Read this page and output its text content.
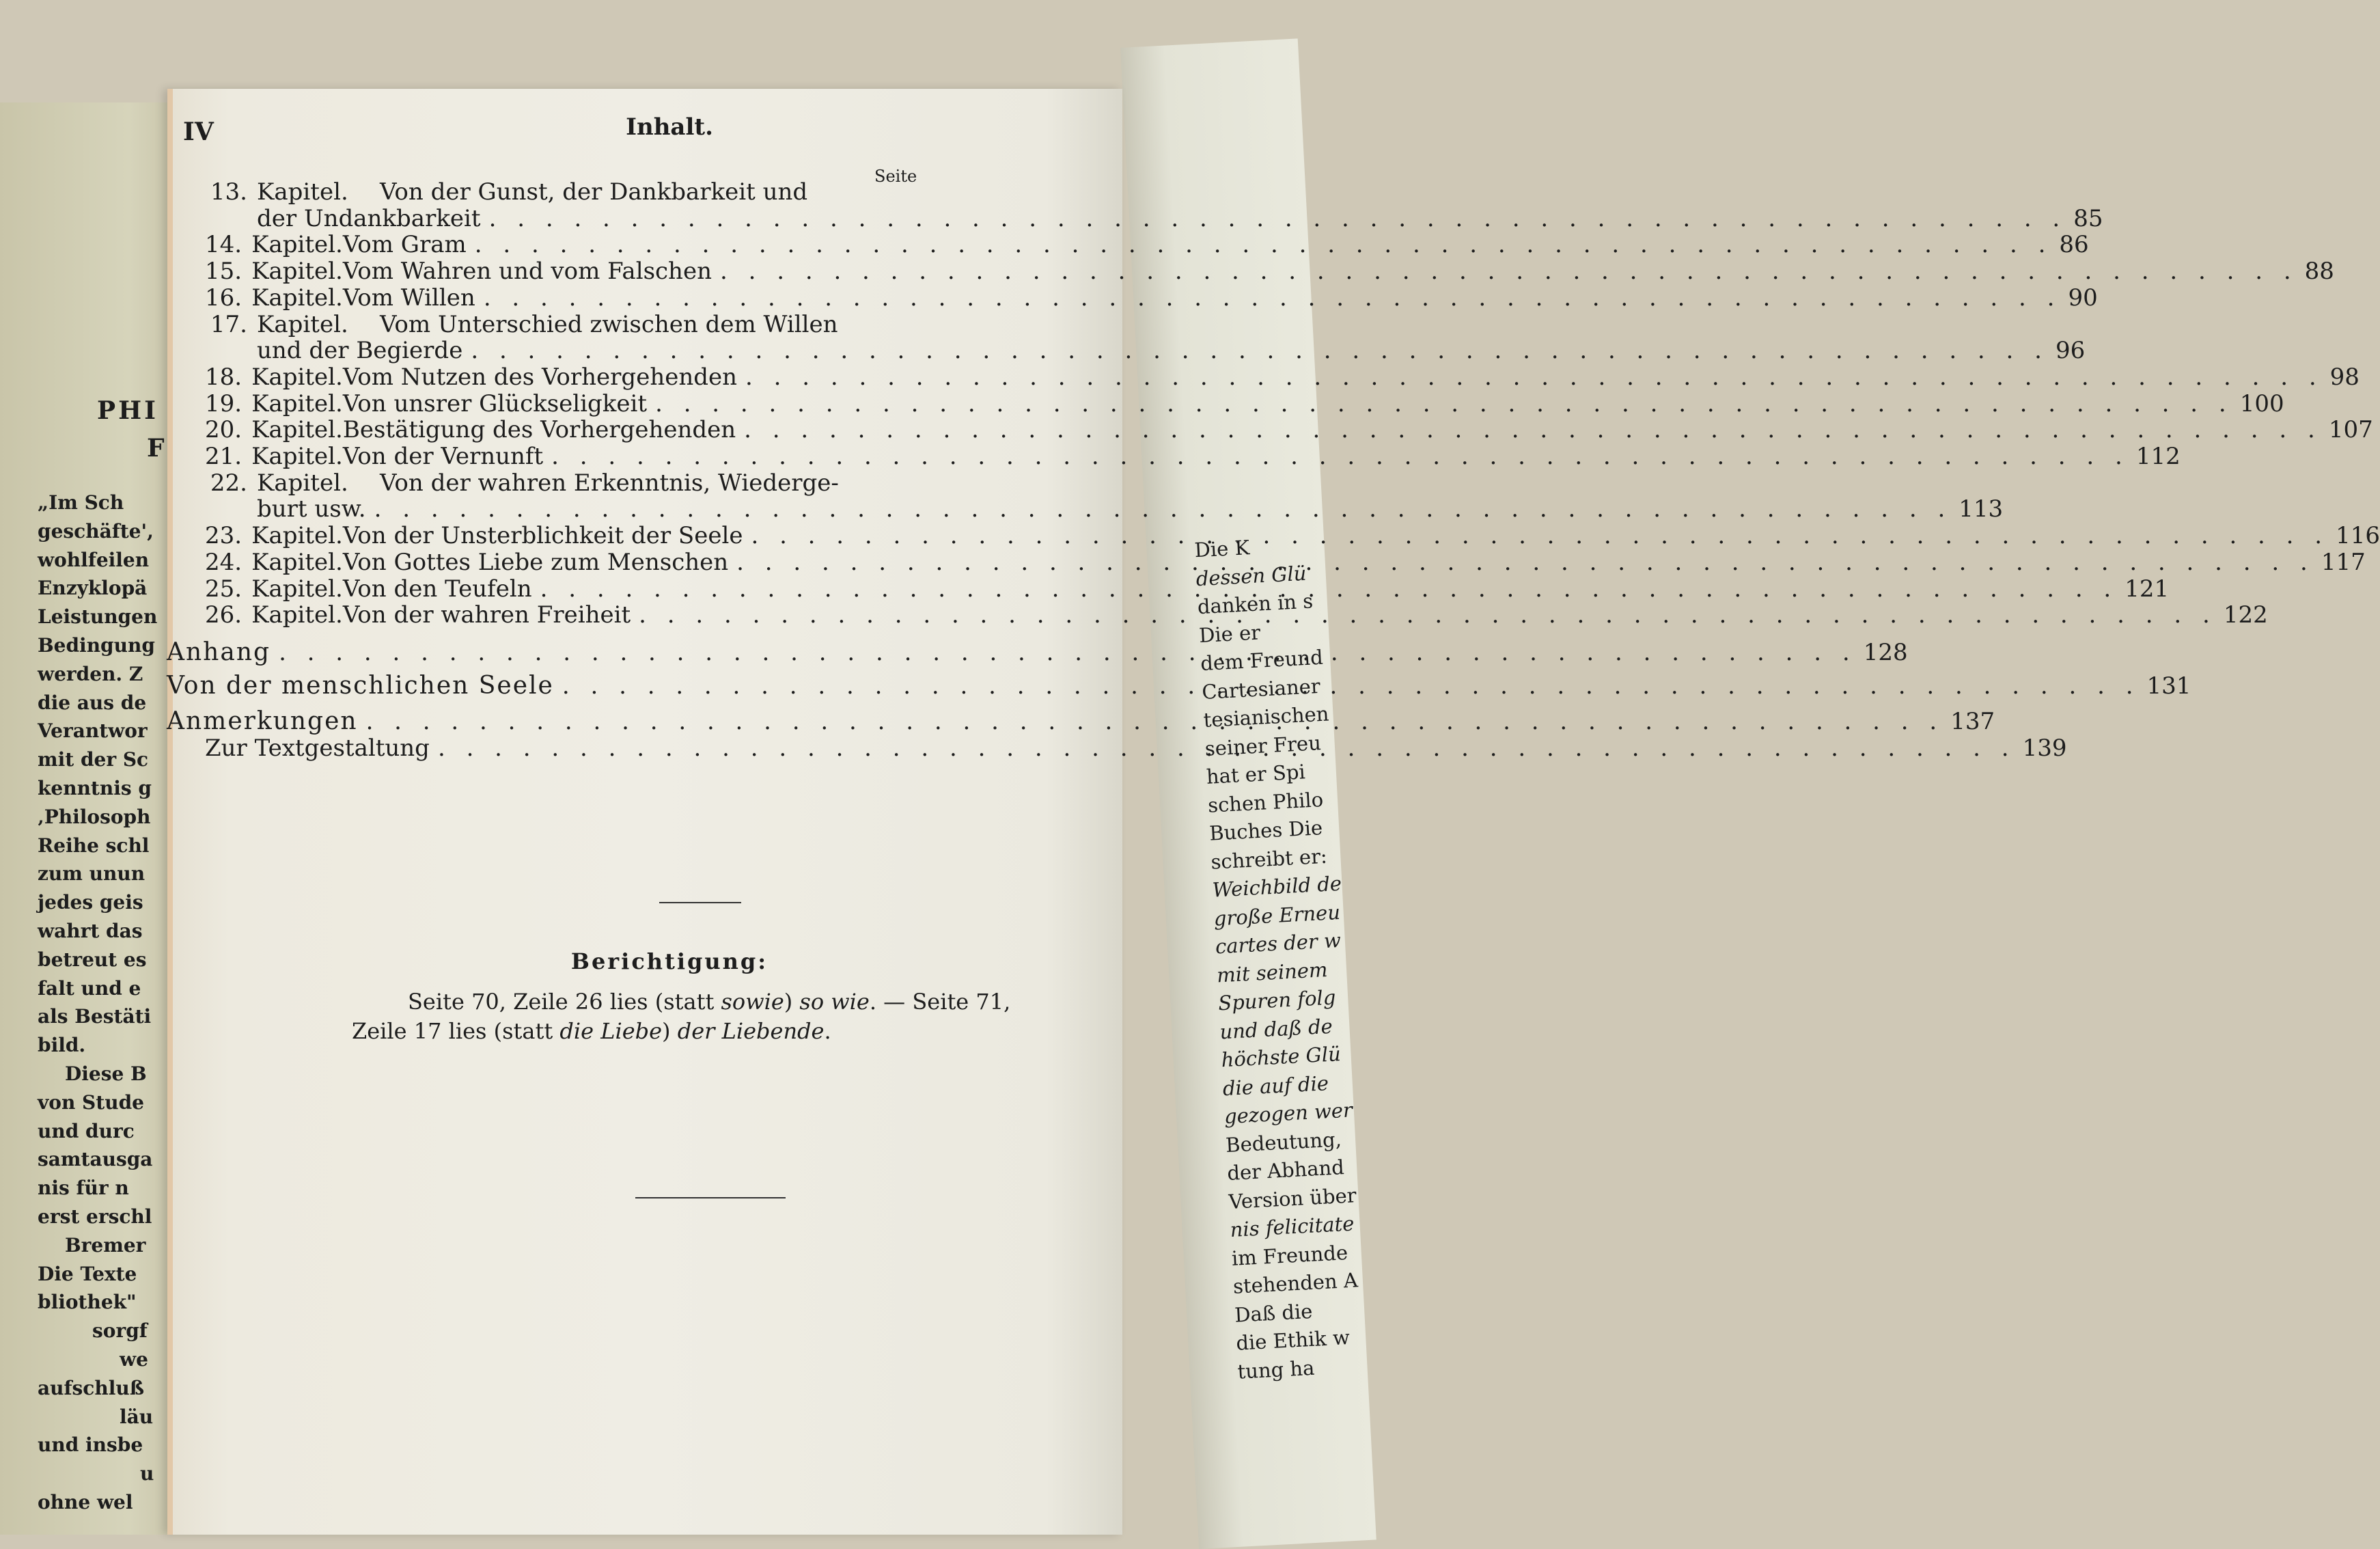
PHI
F
„Im Sch
geschäfte',
wohlfeilen
Enzyklopä
Leistungen
Bedingung
werden. Z
die aus de
Verantwor
mit der Sc
kenntnis g
‚Philosoph
Reihe schl
zum unun
jedes geis
wahrt das
betreut es
falt und e
als Bestäti
bild.
Diese B
von Stude
und durc
samtausga
nis für n
erst erschl
Bremer
Die Texte
bliothek"
sorgf
we
aufschluß
läu
und insbe
u
ohne wel
Die K
dessen Glü
danken in s
Die er
dem Freund
Cartesianer
tesianischen
seiner Freu
hat er Spi
schen Philo
Buches Die
schreibt er:
Weichbild de
große Erneu
cartes der w
mit seinem
Spuren folg
und daß de
höchste Glü
die auf die
gezogen wer
Bedeutung,
der Abhand
Version über
nis felicitate
im Freunde
stehenden A
Daß die
die Ethik w
tung ha
IV	Inhalt.
Seite
13. Kapitel.	Von der Gunst, der Dankbarkeit und
der Undankbarkeit . . .	85
14. Kapitel. Vom Gram . . .	86
15. Kapitel. Vom Wahren und vom Falschen . . .	88
16. Kapitel. Vom Willen . . .	90
17. Kapitel.	Vom Unterschied zwischen dem Willen
und der Begierde . . .	96
18. Kapitel. Vom Nutzen des Vorhergehenden . . .	98
19. Kapitel. Von unsrer Glückseligkeit . . .	100
20. Kapitel. Bestätigung des Vorhergehenden . . .	107
21. Kapitel. Von der Vernunft . . .	112
22. Kapitel.	Von der wahren Erkenntnis, Wiederge-
burt usw. . . .	113
23. Kapitel. Von der Unsterblichkeit der Seele . . .	116
24. Kapitel. Von Gottes Liebe zum Menschen . . .	117
25. Kapitel. Von den Teufeln . . .	121
26. Kapitel. Von der wahren Freiheit . . .	122
Anhang . . .	128
Von der menschlichen Seele . . .	131
Anmerkungen . . .	137
Zur Textgestaltung . . .	139
Berichtigung:

Seite 70, Zeile 26 lies (statt sowie) so wie. — Seite 71,

Zeile 17 lies (statt die Liebe) der Liebende.
